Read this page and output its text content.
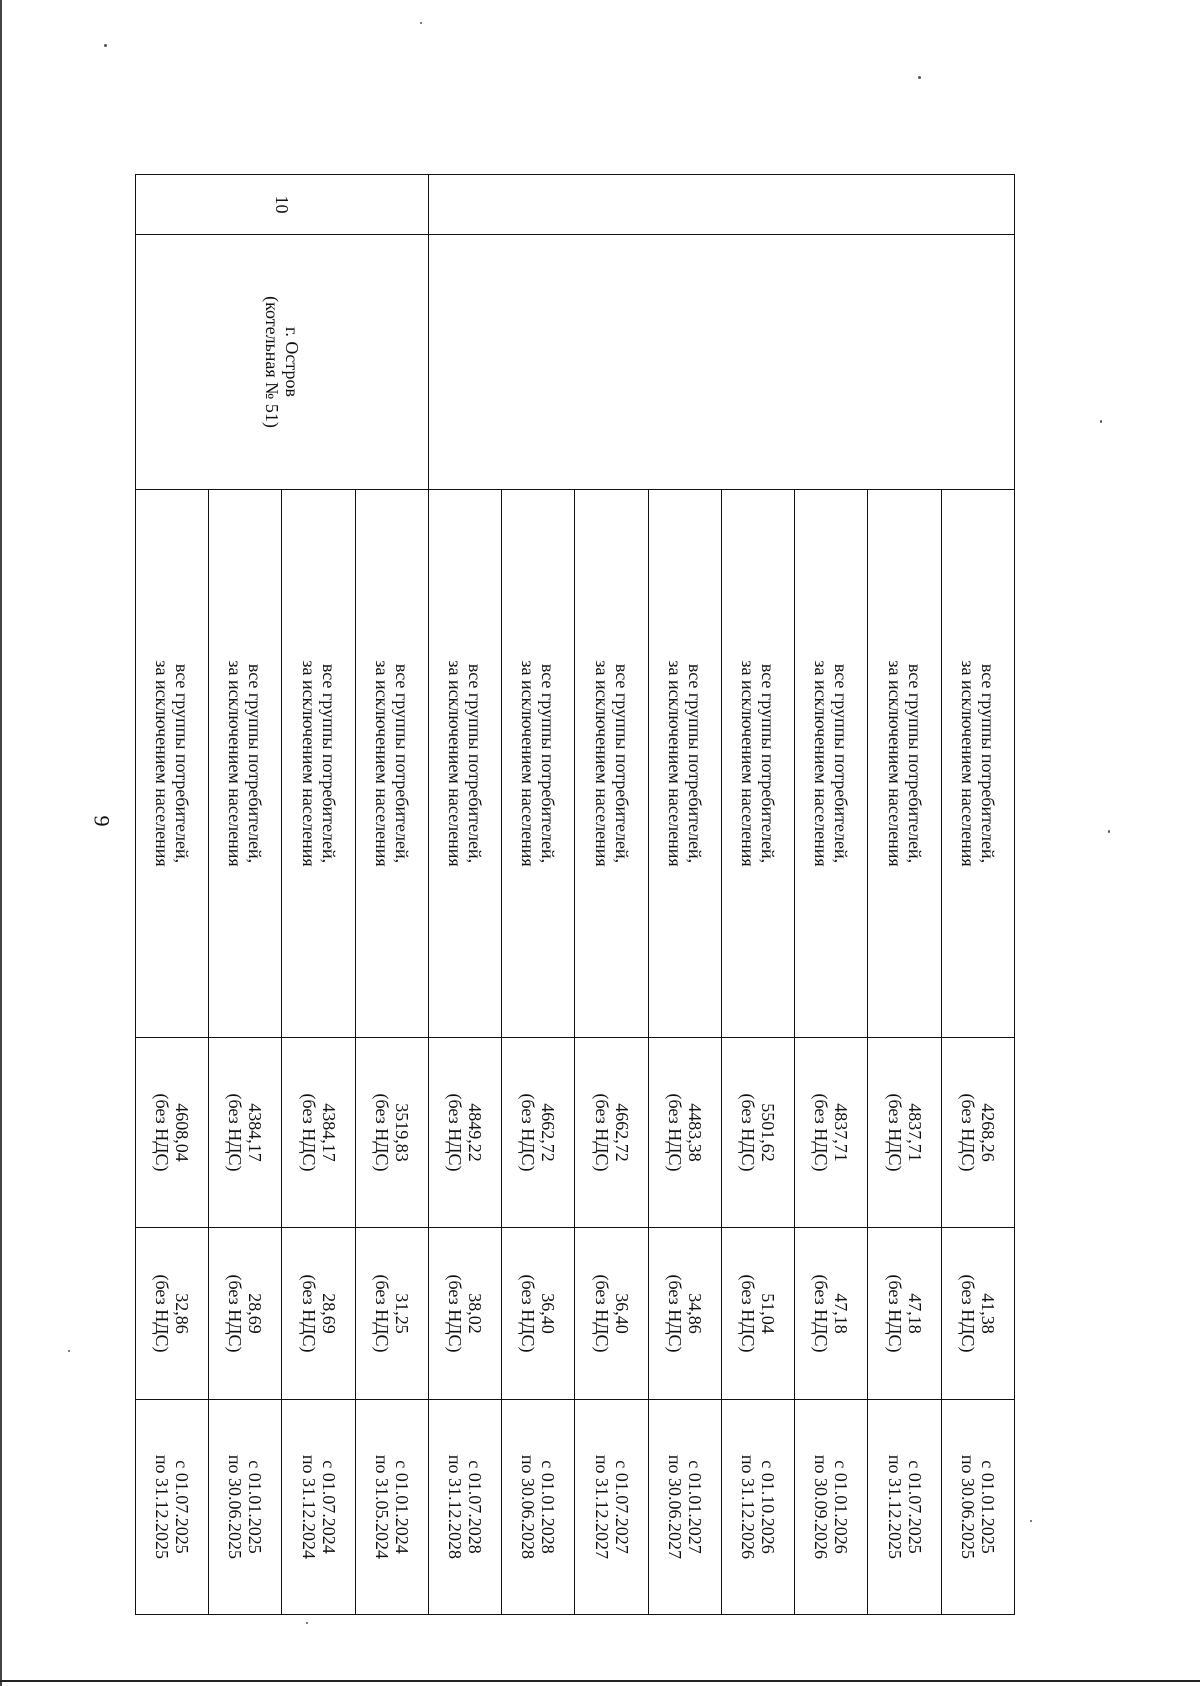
9

		все группы потребителей,
за исключением населения	4268,26
(без НДС)	41,38
(без НДС)	с 01.01.2025
по 30.06.2025

		все группы потребителей,
за исключением населения	4837,71
(без НДС)	47,18
(без НДС)	с 01.07.2025
по 31.12.2025

		все группы потребителей,
за исключением населения	4837,71
(без НДС)	47,18
(без НДС)	с 01.01.2026
по 30.09.2026

		все группы потребителей,
за исключением населения	5501,62
(без НДС)	51,04
(без НДС)	с 01.10.2026
по 31.12.2026

		все группы потребителей,
за исключением населения	4483,38
(без НДС)	34,86
(без НДС)	с 01.01.2027
по 30.06.2027

		все группы потребителей,
за исключением населения	4662,72
(без НДС)	36,40
(без НДС)	с 01.07.2027
по 31.12.2027

		все группы потребителей,
за исключением населения	4662,72
(без НДС)	36,40
(без НДС)	с 01.01.2028
по 30.06.2028

		все группы потребителей,
за исключением населения	4849,22
(без НДС)	38,02
(без НДС)	с 01.07.2028
по 31.12.2028

10	г. Остров
(котельная № 51)	все группы потребителей,
за исключением населения	3519,83
(без НДС)	31,25
(без НДС)	с 01.01.2024
по 31.05.2024

		все группы потребителей,
за исключением населения	4384,17
(без НДС)	28,69
(без НДС)	с 01.07.2024
по 31.12.2024

		все группы потребителей,
за исключением населения	4384,17
(без НДС)	28,69
(без НДС)	с 01.01.2025
по 30.06.2025

		все группы потребителей,
за исключением населения	4608,04
(без НДС)	32,86
(без НДС)	с 01.07.2025
по 31.12.2025
